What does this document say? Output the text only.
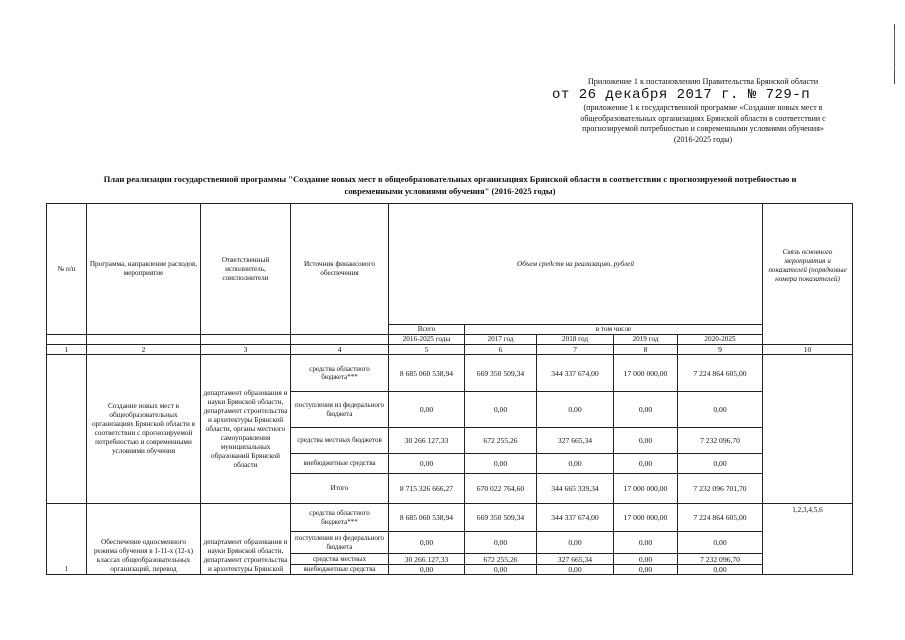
Приложение 1 к постановлению Правительства Брянской области
от 26 декабря 2017 г. № 729-п
(приложение 1 к государственной программе «Создание новых мест в
общеобразовательных организациях Брянской области в соответствии с
прогнозируемой потребностью и современными условиями обучения»
(2016-2025 годы)
План реализации государственной программы "Создание новых мест в общеобразовательных организациях Брянской области в соответствии с прогнозируемой потребностью и
современными условиями обучения" (2016-2025 годы)
№ п/п	Программа, направление расходов, мероприятие	Ответственный исполнитель, соисполнители	Источник финансового обеспечения	Объем средств на реализацию, рублей					Связь основного мероприятия и показателей (порядковые номера показателей)
				Всего	в том числе				
				2016-2025 годы	2017 год	2018 год	2019 год	2020-2025	
1	2	3	4	5	6	7	8	9	10
	Создание новых мест в общеобразовательных организациях Брянской области в соответствии с прогнозируемой потребностью и современными условиями обучения	департамент образования и науки Брянской области, департамент строительства и архитектуры Брянской области, органы местного самоуправления муниципальных образований Брянской области	средства областного бюджета***	8 685 060 538,94	669 350 509,34	344 337 674,00	17 000 000,00	7 224 864 605,00	
			поступления из федерального бюджета	0,00	0,00	0,00	0,00	0,00	
			средства местных бюджетов	30 266 127,33	672 255,26	327 665,34	0,00	7 232 096,70	
			внебюджетные средства	0,00	0,00	0,00	0,00	0,00	
			Итого	8 715 326 666,27	670 022 764,60	344 665 339,34	17 000 000,00	7 232 096 701,70	
1	Обеспечение односменного режима обучения в 1-11-х (12-х) классах общеобразовательных организаций, перевод	департамент образования и науки Брянской области, департамент строительства и архитектуры Брянской	средства областного бюджета***	8 685 060 538,94	669 350 509,34	344 337 674,00	17 000 000,00	7 224 864 605,00	1,2,3,4,5,6
			поступления из федерального бюджета	0,00	0,00	0,00	0,00	0,00	
			средства местных	30 266 127,33	672 255,26	327 665,34	0,00	7 232 096,70	
			внебюджетные средства	0,00	0,00	0,00	0,00	0,00	
